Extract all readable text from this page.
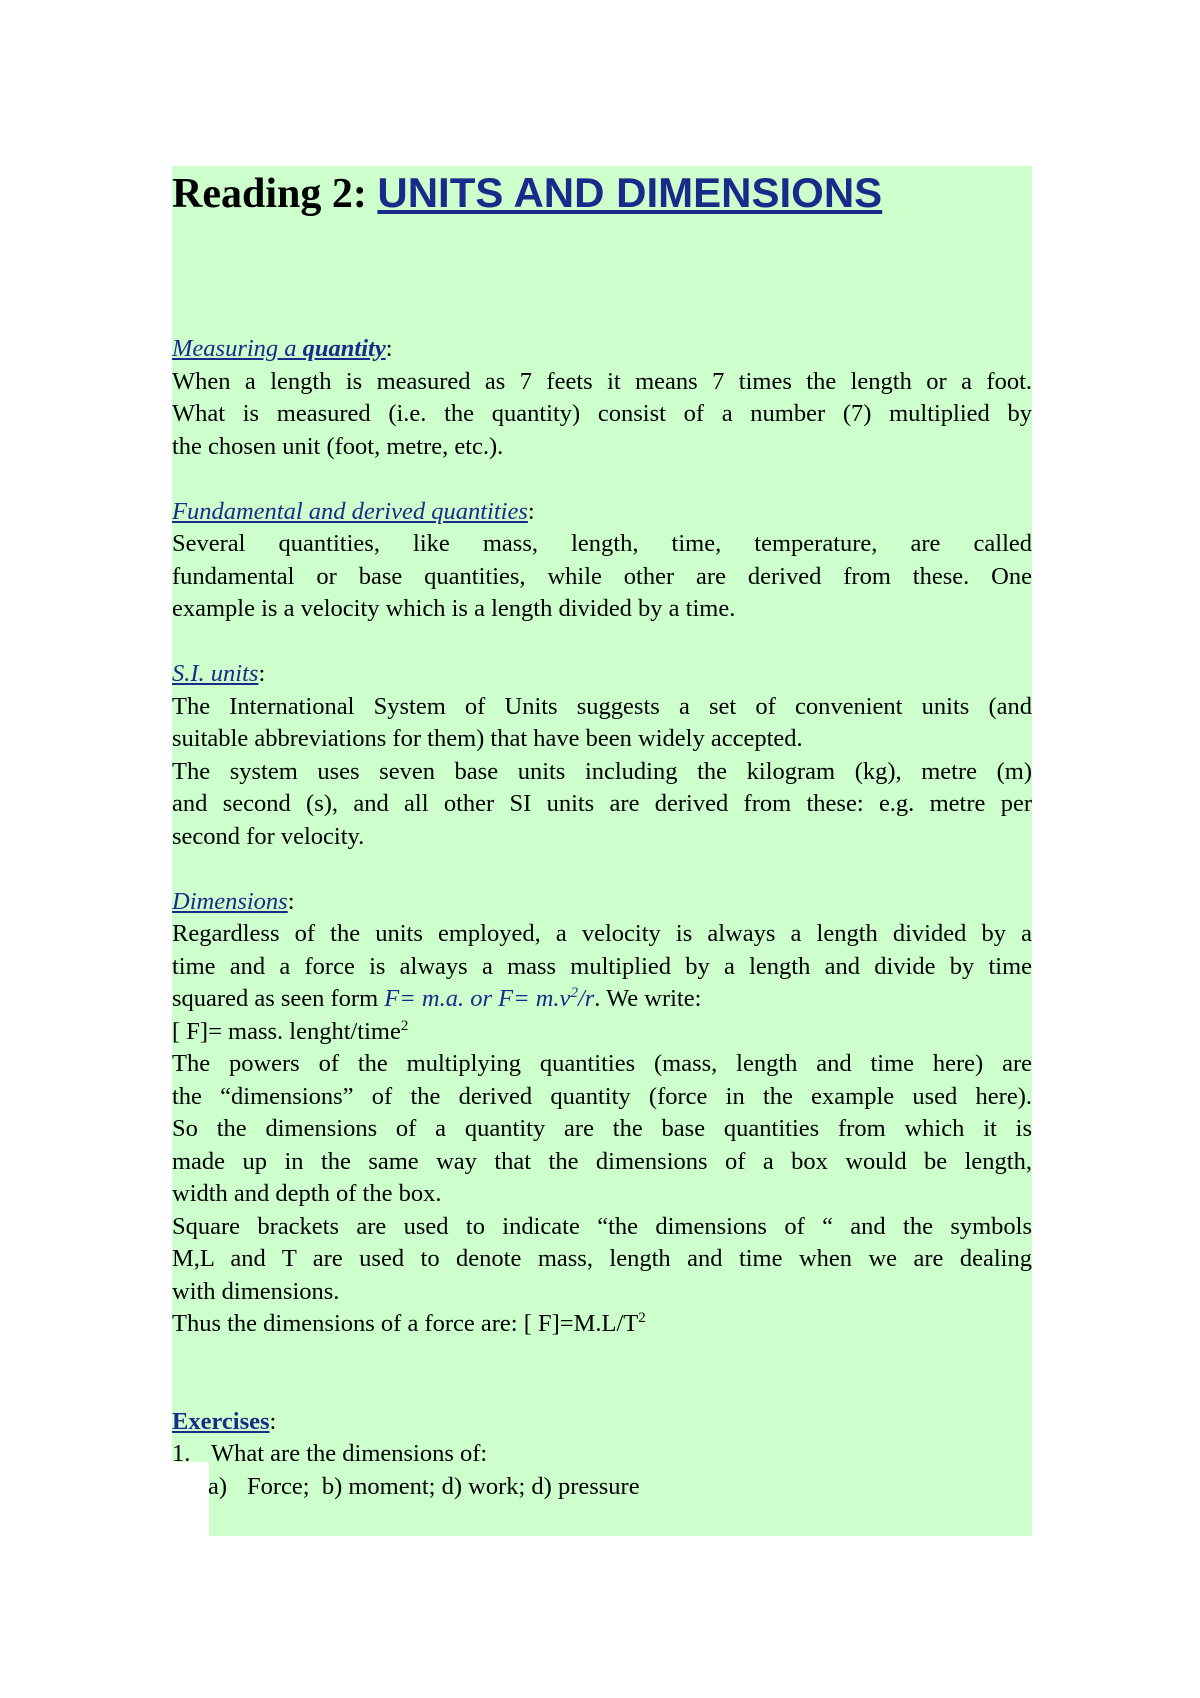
Reading 2: UNITS AND DIMENSIONS
Measuring a quantity:

When a length is measured as 7 feets it means 7 times the length or a foot.

What is measured (i.e. the quantity) consist of a number (7) multiplied by

the chosen unit (foot, metre, etc.).

Fundamental and derived quantities:

Several quantities, like mass, length, time, temperature, are called

fundamental or base quantities, while other are derived from these. One

example is a velocity which is a length divided by a time.

S.I. units:

The International System of Units suggests a set of convenient units (and

suitable abbreviations for them) that have been widely accepted.

The system uses seven base units including the kilogram (kg), metre (m)

and second (s), and all other SI units are derived from these: e.g. metre per

second for velocity.

Dimensions:

Regardless of the units employed, a velocity is always a length divided by a

time and a force is always a mass multiplied by a length and divide by time

squared as seen form F= m.a. or $F= m.v^2/r$. We write:

[ F]= mass. lenght/time$^2$

The powers of the multiplying quantities (mass, length and time here) are

the “dimensions” of the derived quantity (force in the example used here).

So the dimensions of a quantity are the base quantities from which it is

made up in the same way that the dimensions of a box would be length,

width and depth of the box.

Square brackets are used to indicate “the dimensions of “ and the symbols

M,L and T are used to denote mass, length and time when we are dealing

with dimensions.

Thus the dimensions of a force are: [ $F]=M.L/T^2$

Exercises:
1. What are the dimensions of:
a) Force;  b) moment; d) work; d) pressure
